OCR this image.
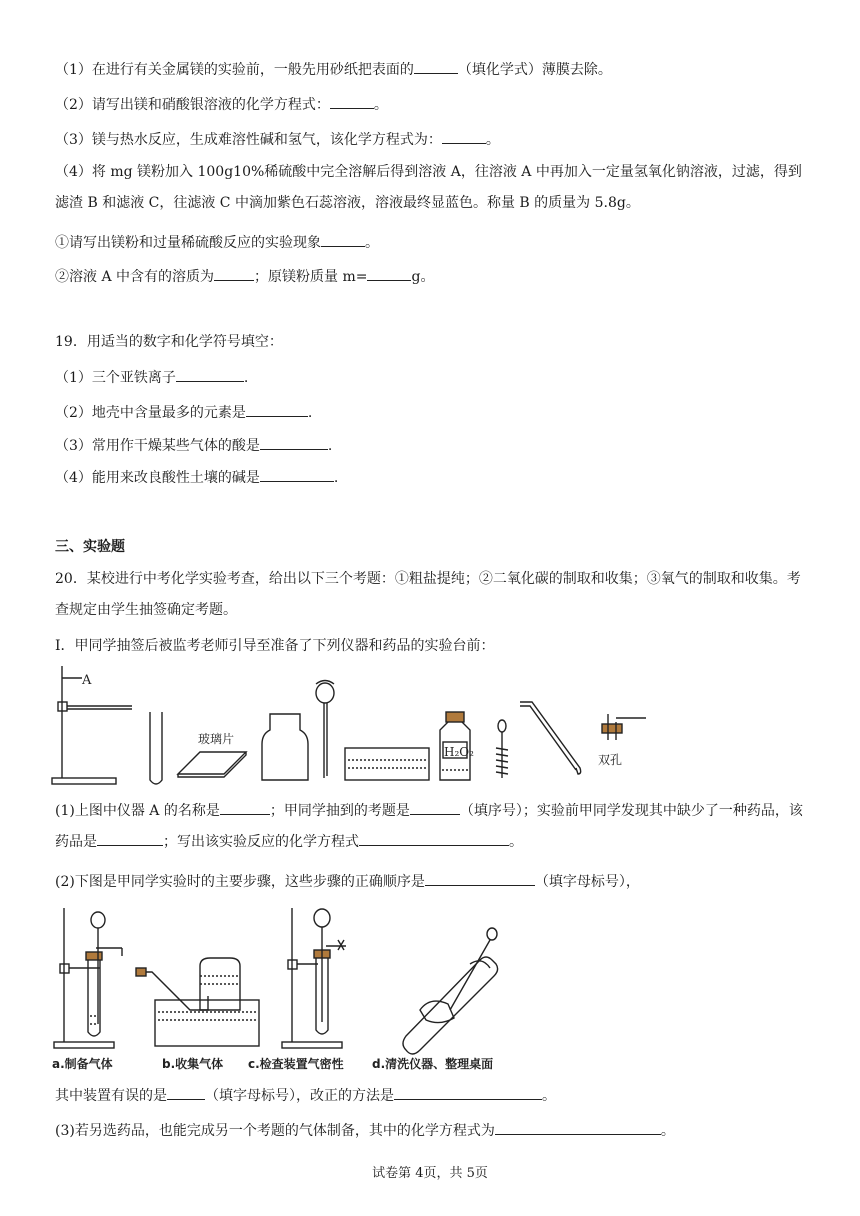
（1）在进行有关金属镁的实验前，一般先用砂纸把表面的	（填化学式）薄膜去除。
（2）请写出镁和硝酸银溶液的化学方程式：	。
（3）镁与热水反应，生成难溶性碱和氢气，该化学方程式为：	。
（4）将 mg 镁粉加入 100g10%稀硫酸中完全溶解后得到溶液 A，往溶液 A 中再加入一定量氢氧化钠溶液，过滤，得到滤渣 B 和滤液 C，往滤液 C 中滴加紫色石蕊溶液，溶液最终显蓝色。称量 B 的质量为 5.8g。
①请写出镁粉和过量稀硫酸反应的实验现象	。
②溶液 A 中含有的溶质为	；原镁粉质量 m=	g。
19．用适当的数字和化学符号填空：
（1）三个亚铁离子	.
（2）地壳中含量最多的元素是	.
（3）常用作干燥某些气体的酸是	.
（4）能用来改良酸性土壤的碱是	.
三、实验题
20．某校进行中考化学实验考查，给出以下三个考题：①粗盐提纯；②二氧化碳的制取和收集；③氧气的制取和收集。考查规定由学生抽签确定考题。
I．甲同学抽签后被监考老师引导至准备了下列仪器和药品的实验台前：
A
玻璃片
H₂O₂
双孔
(1)上图中仪器 A 的名称是	；甲同学抽到的考题是	（填序号）；实验前甲同学发现其中缺少了一种药品，该药品是	；写出该实验反应的化学方程式	。
(2)下图是甲同学实验时的主要步骤，这些步骤的正确顺序是	（填字母标号），
a.制备气体	b.收集气体 c.检查装置气密性 d.清洗仪器、整理桌面
其中装置有误的是	（填字母标号），改正的方法是	。
(3)若另选药品，也能完成另一个考题的气体制备，其中的化学方程式为	。
试卷第 4页，共 5页
